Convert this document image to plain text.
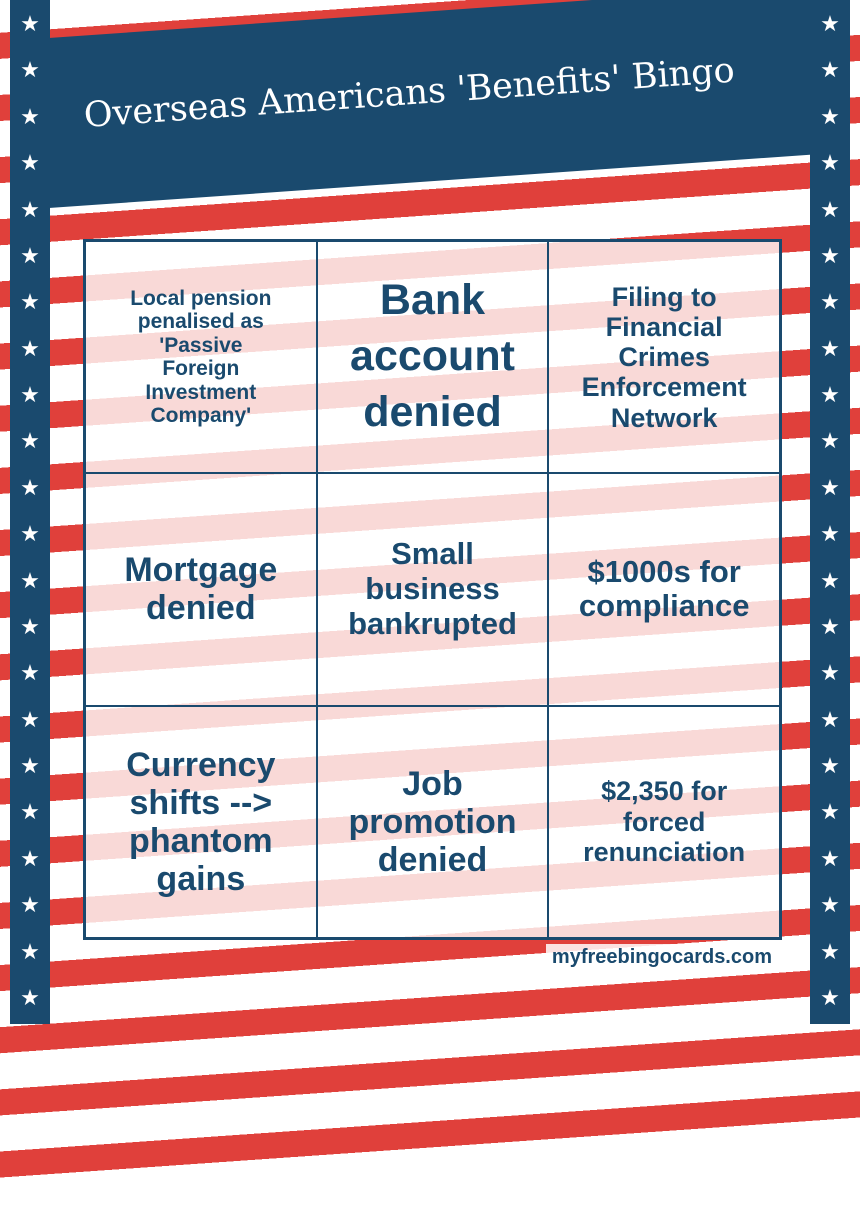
★
★
★
★
★
★
★
★
★
★
★
★
★
★
★
★
★
★
★
★
★
★
★
★
★
★
★
★
★
★
★
★
★
★
★
★
★
★
★
★
★
★
★
★
Overseas Americans 'Benefits' Bingo
Local pension
penalised as
'Passive
Foreign
Investment
Company'
Bank
account
denied
Filing to
Financial
Crimes
Enforcement
Network
Mortgage
denied
Small
business
bankrupted
$1000s for
compliance
Currency
shifts -->
phantom
gains
Job
promotion
denied
$2,350 for
forced
renunciation
myfreebingocards.com
